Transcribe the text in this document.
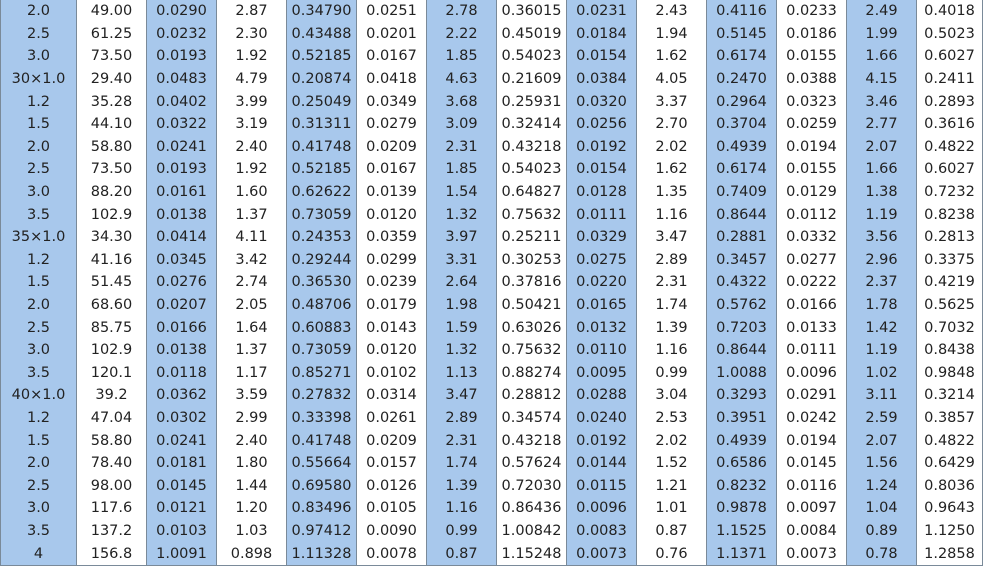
2.0	49.00	0.0290	2.87	0.34790	0.0251	2.78	0.36015	0.0231	2.43	0.4116	0.0233	2.49	0.4018
2.5	61.25	0.0232	2.30	0.43488	0.0201	2.22	0.45019	0.0184	1.94	0.5145	0.0186	1.99	0.5023
3.0	73.50	0.0193	1.92	0.52185	0.0167	1.85	0.54023	0.0154	1.62	0.6174	0.0155	1.66	0.6027
30×1.0	29.40	0.0483	4.79	0.20874	0.0418	4.63	0.21609	0.0384	4.05	0.2470	0.0388	4.15	0.2411
1.2	35.28	0.0402	3.99	0.25049	0.0349	3.68	0.25931	0.0320	3.37	0.2964	0.0323	3.46	0.2893
1.5	44.10	0.0322	3.19	0.31311	0.0279	3.09	0.32414	0.0256	2.70	0.3704	0.0259	2.77	0.3616
2.0	58.80	0.0241	2.40	0.41748	0.0209	2.31	0.43218	0.0192	2.02	0.4939	0.0194	2.07	0.4822
2.5	73.50	0.0193	1.92	0.52185	0.0167	1.85	0.54023	0.0154	1.62	0.6174	0.0155	1.66	0.6027
3.0	88.20	0.0161	1.60	0.62622	0.0139	1.54	0.64827	0.0128	1.35	0.7409	0.0129	1.38	0.7232
3.5	102.9	0.0138	1.37	0.73059	0.0120	1.32	0.75632	0.0111	1.16	0.8644	0.0112	1.19	0.8238
35×1.0	34.30	0.0414	4.11	0.24353	0.0359	3.97	0.25211	0.0329	3.47	0.2881	0.0332	3.56	0.2813
1.2	41.16	0.0345	3.42	0.29244	0.0299	3.31	0.30253	0.0275	2.89	0.3457	0.0277	2.96	0.3375
1.5	51.45	0.0276	2.74	0.36530	0.0239	2.64	0.37816	0.0220	2.31	0.4322	0.0222	2.37	0.4219
2.0	68.60	0.0207	2.05	0.48706	0.0179	1.98	0.50421	0.0165	1.74	0.5762	0.0166	1.78	0.5625
2.5	85.75	0.0166	1.64	0.60883	0.0143	1.59	0.63026	0.0132	1.39	0.7203	0.0133	1.42	0.7032
3.0	102.9	0.0138	1.37	0.73059	0.0120	1.32	0.75632	0.0110	1.16	0.8644	0.0111	1.19	0.8438
3.5	120.1	0.0118	1.17	0.85271	0.0102	1.13	0.88274	0.0095	0.99	1.0088	0.0096	1.02	0.9848
40×1.0	39.2	0.0362	3.59	0.27832	0.0314	3.47	0.28812	0.0288	3.04	0.3293	0.0291	3.11	0.3214
1.2	47.04	0.0302	2.99	0.33398	0.0261	2.89	0.34574	0.0240	2.53	0.3951	0.0242	2.59	0.3857
1.5	58.80	0.0241	2.40	0.41748	0.0209	2.31	0.43218	0.0192	2.02	0.4939	0.0194	2.07	0.4822
2.0	78.40	0.0181	1.80	0.55664	0.0157	1.74	0.57624	0.0144	1.52	0.6586	0.0145	1.56	0.6429
2.5	98.00	0.0145	1.44	0.69580	0.0126	1.39	0.72030	0.0115	1.21	0.8232	0.0116	1.24	0.8036
3.0	117.6	0.0121	1.20	0.83496	0.0105	1.16	0.86436	0.0096	1.01	0.9878	0.0097	1.04	0.9643
3.5	137.2	0.0103	1.03	0.97412	0.0090	0.99	1.00842	0.0083	0.87	1.1525	0.0084	0.89	1.1250
4	156.8	1.0091	0.898	1.11328	0.0078	0.87	1.15248	0.0073	0.76	1.1371	0.0073	0.78	1.2858
